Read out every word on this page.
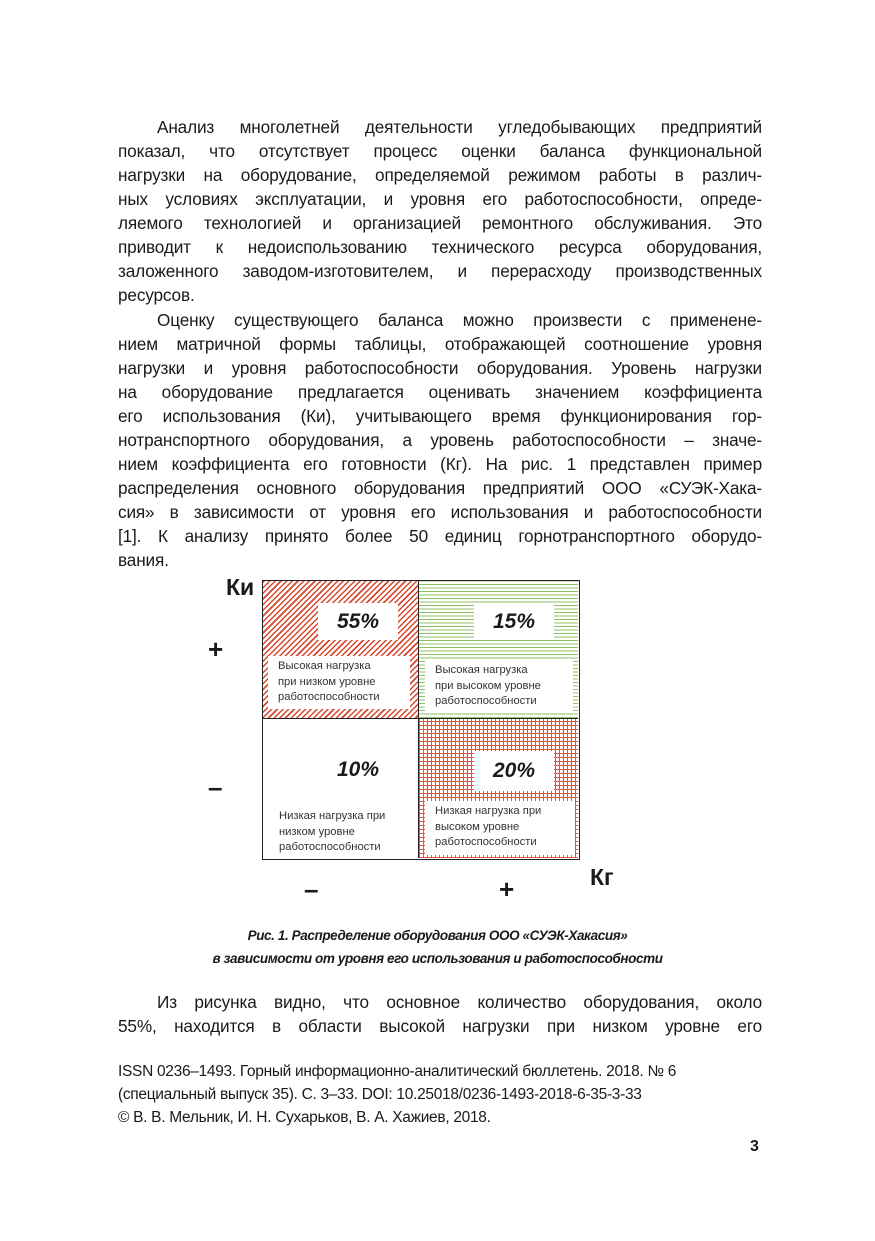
Анализ многолетней деятельности угледобывающих предприятий
показал, что отсутствует процесс оценки баланса функциональной
нагрузки на оборудование, определяемой режимом работы в различ-
ных условиях эксплуатации, и уровня его работоспособности, опреде-
ляемого технологией и организацией ремонтного обслуживания. Это
приводит к недоиспользованию технического ресурса оборудования,
заложенного заводом-изготовителем, и перерасходу производственных
ресурсов.
Оценку существующего баланса можно произвести с применене-
нием матричной формы таблицы, отображающей соотношение уровня
нагрузки и уровня работоспособности оборудования. Уровень нагрузки
на оборудование предлагается оценивать значением коэффициента
его использования (Ки), учитывающего время функционирования гор-
нотранспортного оборудования, а уровень работоспособности – значе-
нием коэффициента его готовности (Кг). На рис. 1 представлен пример
распределения основного оборудования предприятий ООО «СУЭК-Хака-
сия» в зависимости от уровня его использования и работоспособности
[1]. К анализу принято более 50 единиц горнотранспортного оборудо-
вания.
Ки
+
–
–	+	Кг
55%
Высокая нагрузка
при низком уровне
работоспособности
15%
Высокая нагрузка
при высоком уровне
работоспособности
10%
Низкая нагрузка при
низком уровне
работоспособности
20%
Низкая нагрузка при
высоком уровне
работоспособности
Рис. 1. Распределение оборудования ООО «СУЭК-Хакасия»
в зависимости от уровня его использования и работоспособности
Из рисунка видно, что основное количество оборудования, около
55%, находится в области высокой нагрузки при низком уровне его
ISSN 0236–1493. Горный информационно-аналитический бюллетень. 2018. № 6
(специальный выпуск 35). С. 3–33. DOI: 10.25018/0236-1493-2018-6-35-3-33
© В. В. Мельник, И. Н. Сухарьков, В. А. Хажиев, 2018.
3
